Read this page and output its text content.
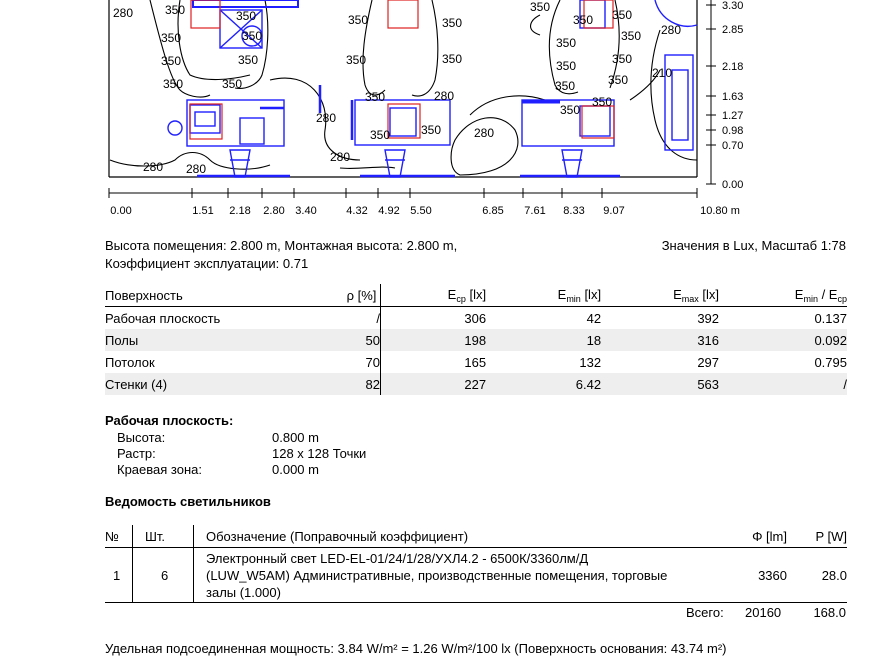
280	350
350
350
350
350
350
350
350
350	350
350	350
350	280
350	350
350
350
350
350
350
350
350
350
350
350
350
280
210
280 280
280
280
280
3.30
2.85
2.18
1.63
1.27
0.98
0.70
0.00
0.00	1.51 2.18 2.80 3.40	4.32 4.92 5.50	6.85 7.61 8.33 9.07	10.80 m
Высота помещения: 2.800 m, Монтажная высота: 2.800 m,
Коэффициент эксплуатации: 0.71
Значения в Lux, Масштаб 1:78
Поверхность	ρ [%]	$E_{ср}$ [lx]	$E_{min}$ [lx]	$E_{max}$ [lx]	$E_{min} / E_{ср}$
Рабочая плоскость	/	306	42	392	0.137
Полы	50	198	18	316	0.092
Потолок	70	165	132	297	0.795
Стенки (4)	82	227	6.42	563	/
Рабочая плоскость:
Высота:	0.800 m
Растр:	128 x 128 Точки
Краевая зона:	0.000 m
Ведомость светильников
№	Шт.	Обозначение (Поправочный коэффициент)	Φ [lm]	P [W]
1	6	Электронный свет LED-EL-01/24/1/28/УХЛ4.2 - 6500К/3360лм/Д
(LUW_W5AM) Административные, производственные помещения, торговые
залы (1.000)	3360	28.0
Всего: 20160 168.0
Удельная подсоединенная мощность: 3.84 W/m² = 1.26 W/m²/100 lx (Поверхность основания: 43.74 m²)
